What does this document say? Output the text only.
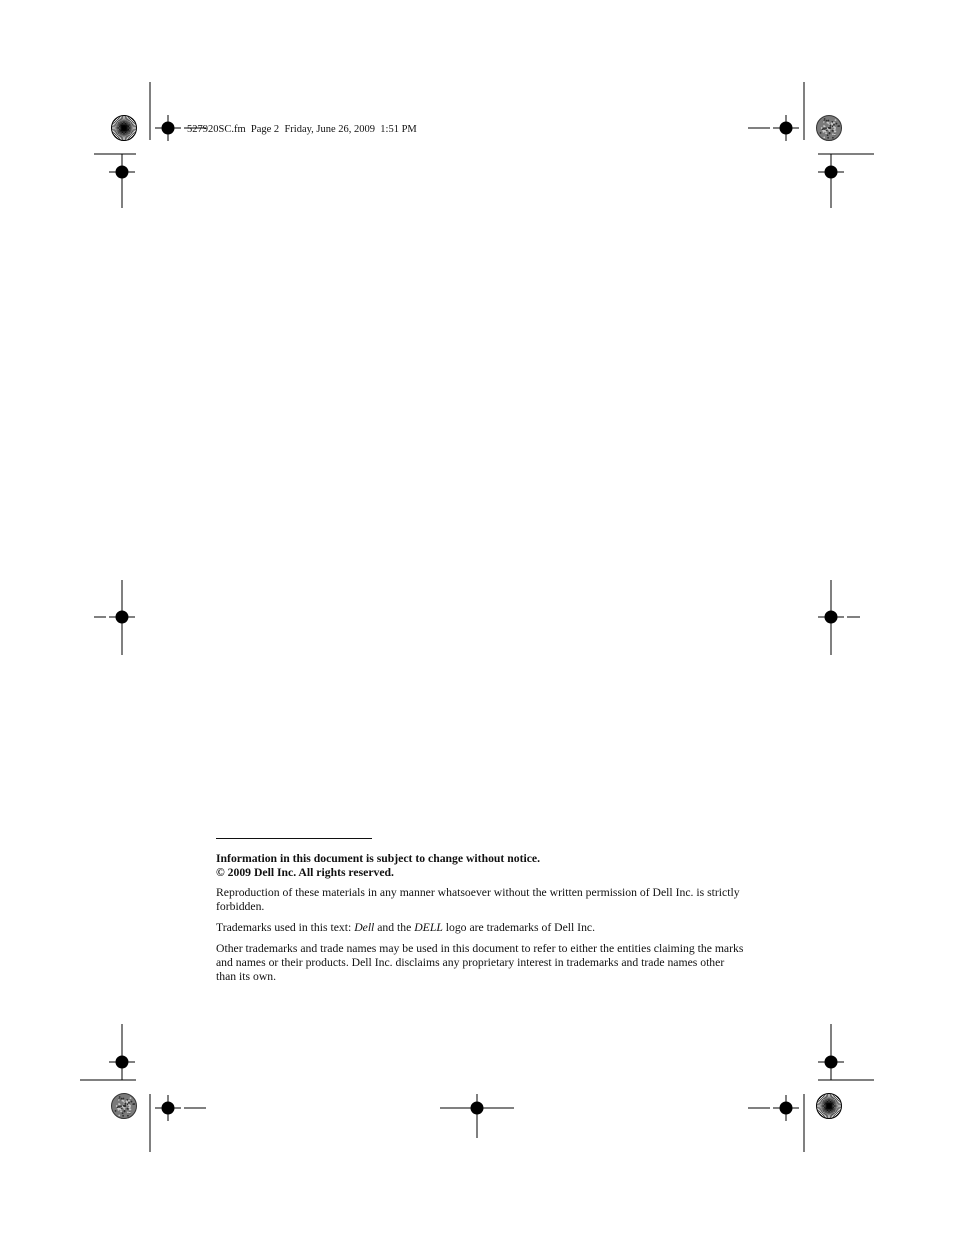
527920SC.fm Page 2 Friday, June 26, 2009 1:51 PM

Information in this document is subject to change without notice.
© 2009 Dell Inc. All rights reserved.

Reproduction of these materials in any manner whatsoever without the written permission of Dell Inc. is strictly forbidden.

Trademarks used in this text: Dell and the DELL logo are trademarks of Dell Inc.

Other trademarks and trade names may be used in this document to refer to either the entities claiming the marks and names or their products. Dell Inc. disclaims any proprietary interest in trademarks and trade names other than its own.
